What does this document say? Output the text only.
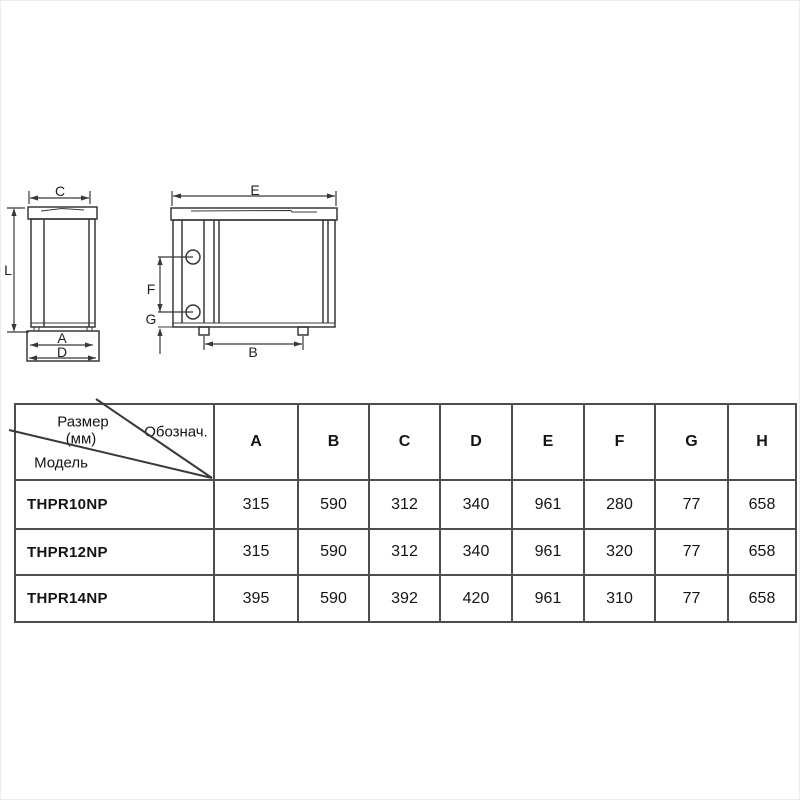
C	E
L
F
G
A
D	B
Размер
(мм) Обознач.
Модель	A	B	C	D	E	F	G	H
THPR10NP	315	590	312	340	961	280	77	658
THPR12NP	315	590	312	340	961	320	77	658
THPR14NP	395	590	392	420	961	310	77	658
